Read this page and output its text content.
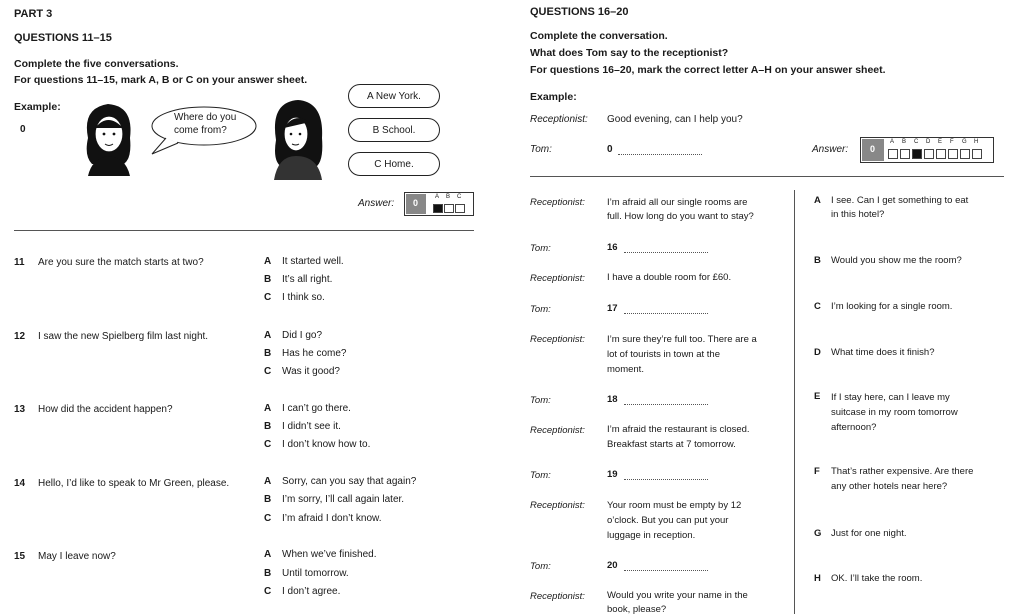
PART 3
QUESTIONS 11–15
Complete the five conversations.
For questions 11–15, mark A, B or C on your answer sheet.
Example:
0
Where do you
come from?
A New York.
B School.
C Home.
Answer: 0
A B C
11 Are you sure the match starts at two?	A It started well.
B It’s all right.
C I think so.
12 I saw the new Spielberg film last night.	A Did I go?
B Has he come?
C Was it good?
13 How did the accident happen?	A I can’t go there.
B I didn’t see it.
C I don’t know how to.
14 Hello, I’d like to speak to Mr Green, please.	A Sorry, can you say that again?
B I’m sorry, I’ll call again later.
C I’m afraid I don’t know.
15 May I leave now?	A When we’ve finished.
B Until tomorrow.
C I don’t agree.
QUESTIONS 16–20
Complete the conversation.
What does Tom say to the receptionist?
For questions 16–20, mark the correct letter A–H on your answer sheet.
Example:
Receptionist: Good evening, can I help you?
Tom:	0	Answer: 0
A B C D E F G H
Receptionist: I’m afraid all our single rooms are
full. How long do you want to stay?
Tom:	16
Receptionist: I have a double room for £60.
Tom:	17
Receptionist: I’m sure they’re full too. There are a
lot of tourists in town at the
moment.
Tom:	18
Receptionist: I’m afraid the restaurant is closed.
Breakfast starts at 7 tomorrow.
Tom:	19
Receptionist: Your room must be empty by 12
o’clock. But you can put your
luggage in reception.
Tom:	20
Receptionist: Would you write your name in the
book, please?
A I see. Can I get something to eat
in this hotel?
B Would you show me the room?
C I’m looking for a single room.
D What time does it finish?
E If I stay here, can I leave my
suitcase in my room tomorrow
afternoon?
F That’s rather expensive. Are there
any other hotels near here?
G Just for one night.
H OK. I’ll take the room.
